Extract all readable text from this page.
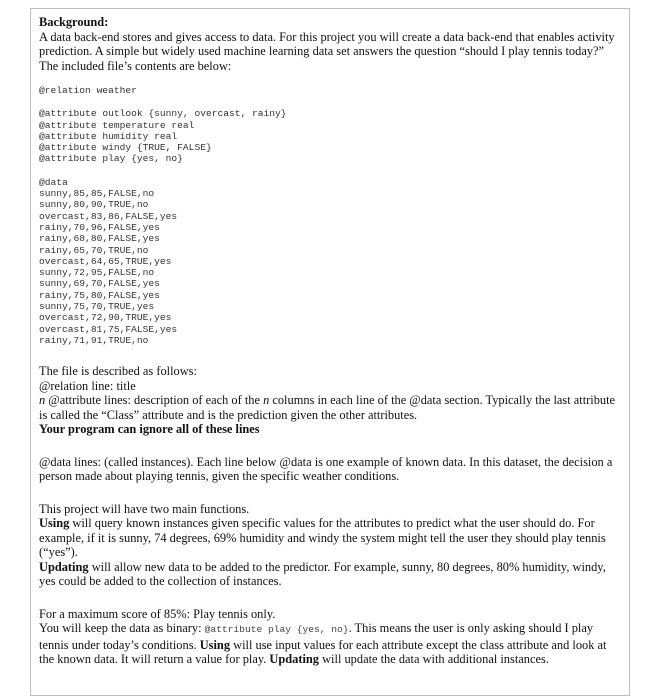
Background:
A data back-end stores and gives access to data. For this project you will create a data back-end that enables activity prediction. A simple but widely used machine learning data set answers the question “should I play tennis today?” The included file’s contents are below:

@relation weather
@attribute outlook {sunny, overcast, rainy}
@attribute temperature real
@attribute humidity real
@attribute windy {TRUE, FALSE}
@attribute play {yes, no}
@data
sunny,85,85,FALSE,no
sunny,80,90,TRUE,no
overcast,83,86,FALSE,yes
rainy,70,96,FALSE,yes
rainy,68,80,FALSE,yes
rainy,65,70,TRUE,no
overcast,64,65,TRUE,yes
sunny,72,95,FALSE,no
sunny,69,70,FALSE,yes
rainy,75,80,FALSE,yes
sunny,75,70,TRUE,yes
overcast,72,90,TRUE,yes
overcast,81,75,FALSE,yes
rainy,71,91,TRUE,no

The file is described as follows:
@relation line: title
n @attribute lines: description of each of the n columns in each line of the @data section. Typically the last attribute is called the “Class” attribute and is the prediction given the other attributes.
Your program can ignore all of these lines

@data lines: (called instances). Each line below @data is one example of known data. In this dataset, the decision a person made about playing tennis, given the specific weather conditions.

This project will have two main functions.
Using will query known instances given specific values for the attributes to predict what the user should do. For example, if it is sunny, 74 degrees, 69% humidity and windy the system might tell the user they should play tennis (“yes”).
Updating will allow new data to be added to the predictor. For example, sunny, 80 degrees, 80% humidity, windy, yes could be added to the collection of instances.

For a maximum score of 85%: Play tennis only.
You will keep the data as binary: @attribute play {yes, no}. This means the user is only asking should I play tennis under today’s conditions. Using will use input values for each attribute except the class attribute and look at the known data. It will return a value for play. Updating will update the data with additional instances.
